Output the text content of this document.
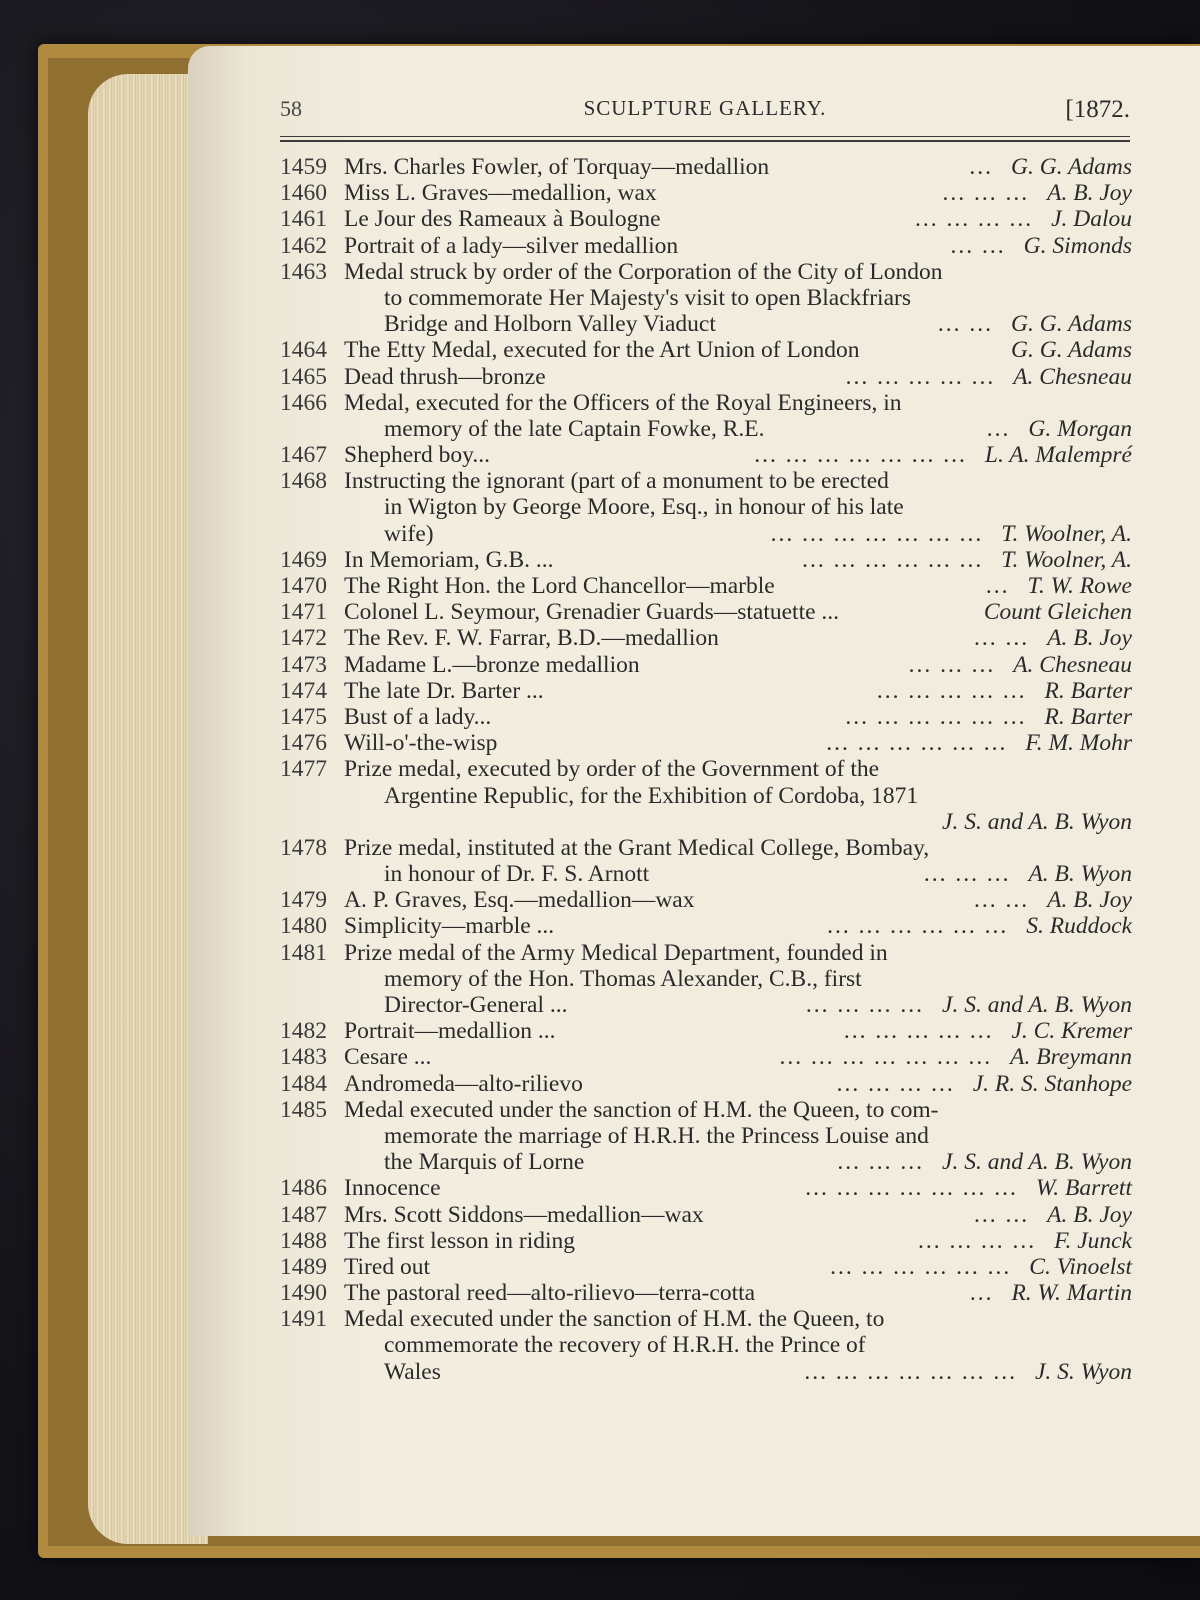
58	SCULPTURE GALLERY.	[1872.
1459 Mrs. Charles Fowler, of Torquay—medallion	G. G. Adams
...
1460 Miss L. Graves—medallion, wax	A. B. Joy
... ... ...
1461 Le Jour des Rameaux à Boulogne	J. Dalou
... ... ... ...
1462 Portrait of a lady—silver medallion	G. Simonds
... ...
1463 Medal struck by order of the Corporation of the City of London
to commemorate Her Majesty's visit to open Blackfriars
Bridge and Holborn Valley Viaduct	G. G. Adams
... ...
1464 The Etty Medal, executed for the Art Union of London	G. G. Adams
1465 Dead thrush—bronze	A. Chesneau
... ... ... ... ...
1466 Medal, executed for the Officers of the Royal Engineers, in
memory of the late Captain Fowke, R.E.	G. Morgan
...
1467 Shepherd boy...	L. A. Malempré
... ... ... ... ... ... ...
1468 Instructing the ignorant (part of a monument to be erected
in Wigton by George Moore, Esq., in honour of his late
wife)	T. Woolner, A.
... ... ... ... ... ... ...
1469 In Memoriam, G.B. ...	T. Woolner, A.
... ... ... ... ... ...
1470 The Right Hon. the Lord Chancellor—marble	T. W. Rowe
...
1471 Colonel L. Seymour, Grenadier Guards—statuette ...	Count Gleichen
1472 The Rev. F. W. Farrar, B.D.—medallion	A. B. Joy
... ...
1473 Madame L.—bronze medallion	A. Chesneau
... ... ...
1474 The late Dr. Barter ...	R. Barter
... ... ... ... ...
1475 Bust of a lady...	R. Barter
... ... ... ... ... ...
1476 Will-o'-the-wisp	F. M. Mohr
... ... ... ... ... ...
1477 Prize medal, executed by order of the Government of the
Argentine Republic, for the Exhibition of Cordoba, 1871
J. S. and A. B. Wyon
1478 Prize medal, instituted at the Grant Medical College, Bombay,
in honour of Dr. F. S. Arnott	A. B. Wyon
... ... ...
1479 A. P. Graves, Esq.—medallion—wax	A. B. Joy
... ...
1480 Simplicity—marble ...	S. Ruddock
... ... ... ... ... ...
1481 Prize medal of the Army Medical Department, founded in
memory of the Hon. Thomas Alexander, C.B., first
Director-General ...	J. S. and A. B. Wyon
... ... ... ...
1482 Portrait—medallion ...	J. C. Kremer
... ... ... ... ...
1483 Cesare ...	A. Breymann
... ... ... ... ... ... ...
1484 Andromeda—alto-rilievo	J. R. S. Stanhope
... ... ... ...
1485 Medal executed under the sanction of H.M. the Queen, to com-
memorate the marriage of H.R.H. the Princess Louise and
the Marquis of Lorne	J. S. and A. B. Wyon
... ... ...
1486 Innocence	W. Barrett
... ... ... ... ... ... ...
1487 Mrs. Scott Siddons—medallion—wax	A. B. Joy
... ...
1488 The first lesson in riding	F. Junck
... ... ... ...
1489 Tired out	C. Vinoelst
... ... ... ... ... ...
1490 The pastoral reed—alto-rilievo—terra-cotta	R. W. Martin
...
1491 Medal executed under the sanction of H.M. the Queen, to
commemorate the recovery of H.R.H. the Prince of
Wales	J. S. Wyon
... ... ... ... ... ... ...
